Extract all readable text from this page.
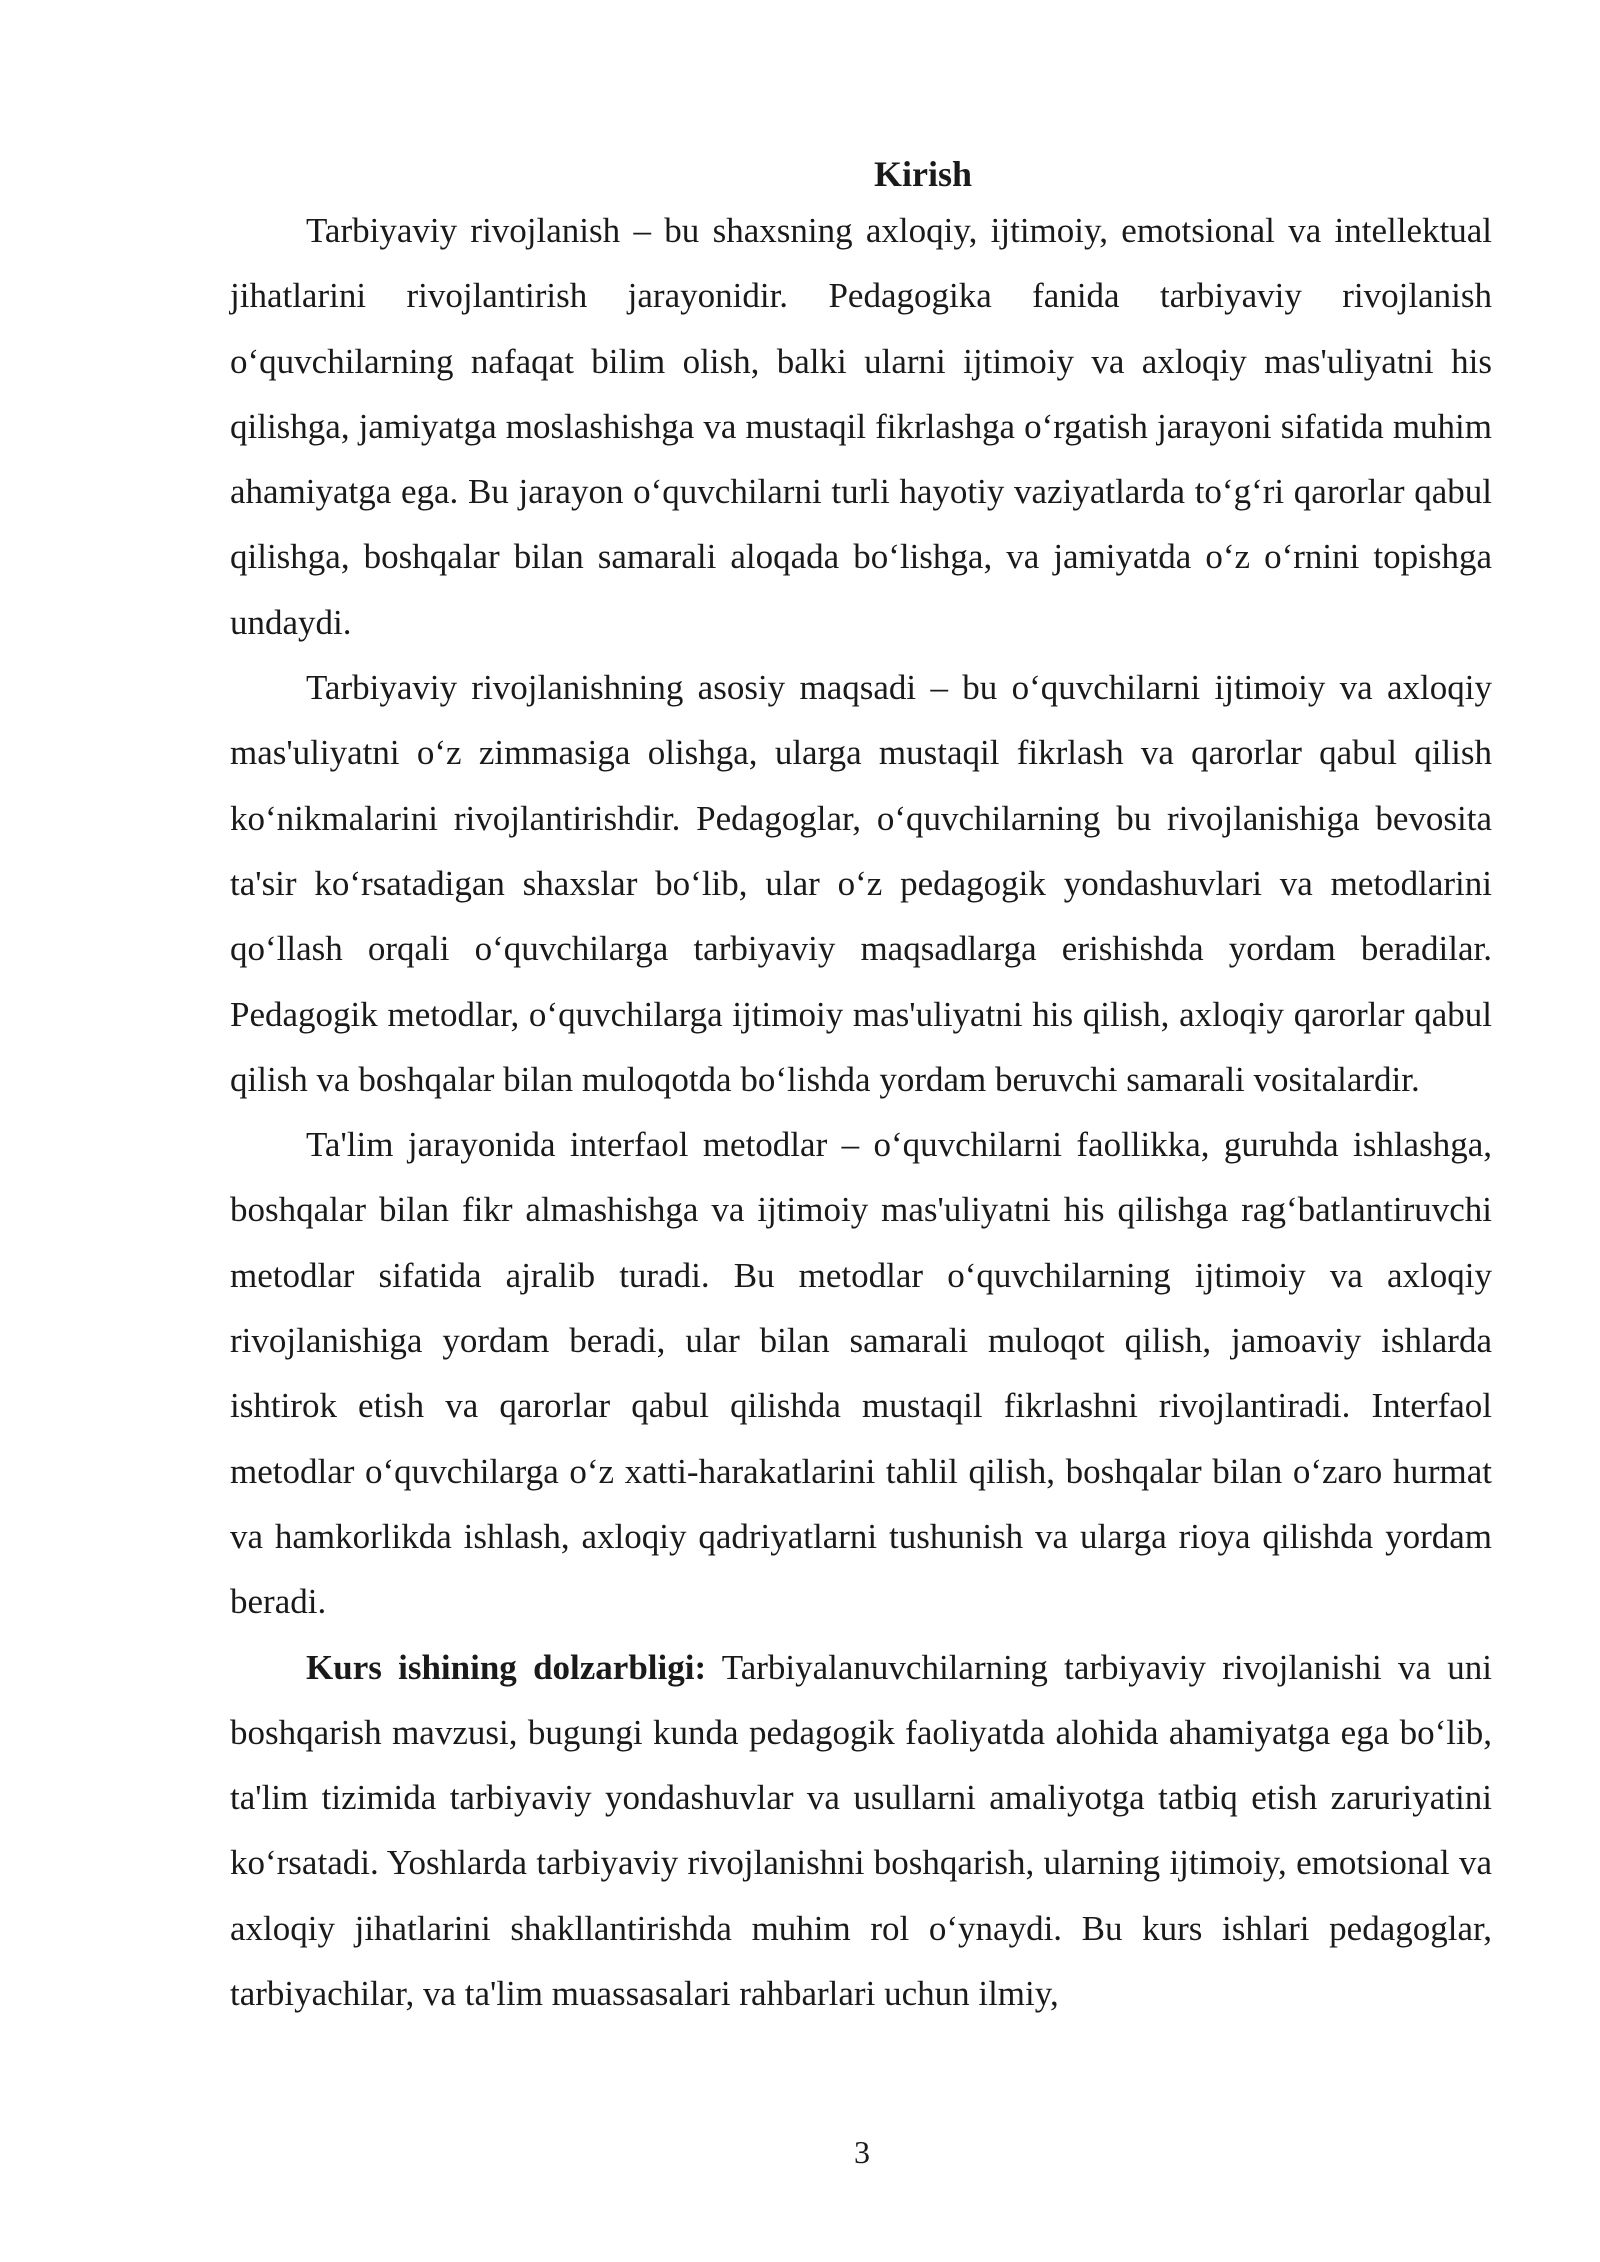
Kirish

Tarbiyaviy rivojlanish – bu shaxsning axloqiy, ijtimoiy, emotsional va intellektual jihatlarini rivojlantirish jarayonidir. Pedagogika fanida tarbiyaviy rivojlanish o‘quvchilarning nafaqat bilim olish, balki ularni ijtimoiy va axloqiy mas'uliyatni his qilishga, jamiyatga moslashishga va mustaqil fikrlashga o‘rgatish jarayoni sifatida muhim ahamiyatga ega. Bu jarayon o‘quvchilarni turli hayotiy vaziyatlarda to‘g‘ri qarorlar qabul qilishga, boshqalar bilan samarali aloqada bo‘lishga, va jamiyatda o‘z o‘rnini topishga undaydi.

Tarbiyaviy rivojlanishning asosiy maqsadi – bu o‘quvchilarni ijtimoiy va axloqiy mas'uliyatni o‘z zimmasiga olishga, ularga mustaqil fikrlash va qarorlar qabul qilish ko‘nikmalarini rivojlantirishdir. Pedagoglar, o‘quvchilarning bu rivojlanishiga bevosita ta'sir ko‘rsatadigan shaxslar bo‘lib, ular o‘z pedagogik yondashuvlari va metodlarini qo‘llash orqali o‘quvchilarga tarbiyaviy maqsadlarga erishishda yordam beradilar. Pedagogik metodlar, o‘quvchilarga ijtimoiy mas'uliyatni his qilish, axloqiy qarorlar qabul qilish va boshqalar bilan muloqotda bo‘lishda yordam beruvchi samarali vositalardir.

Ta'lim jarayonida interfaol metodlar – o‘quvchilarni faollikka, guruhda ishlashga, boshqalar bilan fikr almashishga va ijtimoiy mas'uliyatni his qilishga rag‘batlantiruvchi metodlar sifatida ajralib turadi. Bu metodlar o‘quvchilarning ijtimoiy va axloqiy rivojlanishiga yordam beradi, ular bilan samarali muloqot qilish, jamoaviy ishlarda ishtirok etish va qarorlar qabul qilishda mustaqil fikrlashni rivojlantiradi. Interfaol metodlar o‘quvchilarga o‘z xatti-harakatlarini tahlil qilish, boshqalar bilan o‘zaro hurmat va hamkorlikda ishlash, axloqiy qadriyatlarni tushunish va ularga rioya qilishda yordam beradi.

Kurs ishining dolzarbligi: Tarbiyalanuvchilarning tarbiyaviy rivojlanishi va uni boshqarish mavzusi, bugungi kunda pedagogik faoliyatda alohida ahamiyatga ega bo‘lib, ta'lim tizimida tarbiyaviy yondashuvlar va usullarni amaliyotga tatbiq etish zaruriyatini ko‘rsatadi. Yoshlarda tarbiyaviy rivojlanishni boshqarish, ularning ijtimoiy, emotsional va axloqiy jihatlarini shakllantirishda muhim rol o‘ynaydi. Bu kurs ishlari pedagoglar, tarbiyachilar, va ta'lim muassasalari rahbarlari uchun ilmiy,

3
